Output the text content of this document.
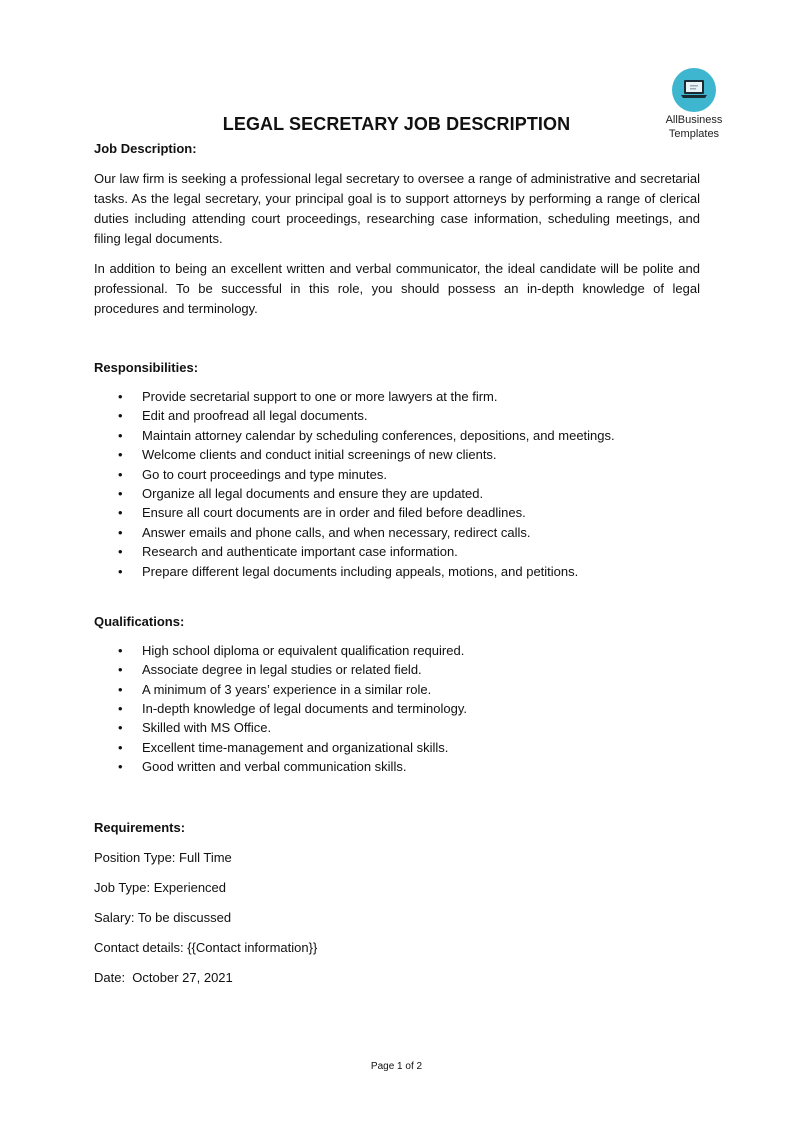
AllBusiness
Templates
LEGAL SECRETARY JOB DESCRIPTION

Job Description:

Our law firm is seeking a professional legal secretary to oversee a range of administrative and secretarial tasks. As the legal secretary, your principal goal is to support attorneys by performing a range of clerical duties including attending court proceedings, researching case information, scheduling meetings, and filing legal documents.

In addition to being an excellent written and verbal communicator, the ideal candidate will be polite and professional. To be successful in this role, you should possess an in-depth knowledge of legal procedures and terminology.

Responsibilities:

• Provide secretarial support to one or more lawyers at the firm.
• Edit and proofread all legal documents.
• Maintain attorney calendar by scheduling conferences, depositions, and meetings.
• Welcome clients and conduct initial screenings of new clients.
• Go to court proceedings and type minutes.
• Organize all legal documents and ensure they are updated.
• Ensure all court documents are in order and filed before deadlines.
• Answer emails and phone calls, and when necessary, redirect calls.
• Research and authenticate important case information.
• Prepare different legal documents including appeals, motions, and petitions.

Qualifications:

• High school diploma or equivalent qualification required.
• Associate degree in legal studies or related field.
• A minimum of 3 years’ experience in a similar role.
• In-depth knowledge of legal documents and terminology.
• Skilled with MS Office.
• Excellent time-management and organizational skills.
• Good written and verbal communication skills.

Requirements:

Position Type: Full Time

Job Type: Experienced

Salary: To be discussed

Contact details: {{Contact information}}

Date:  October 27, 2021

Page 1 of 2
